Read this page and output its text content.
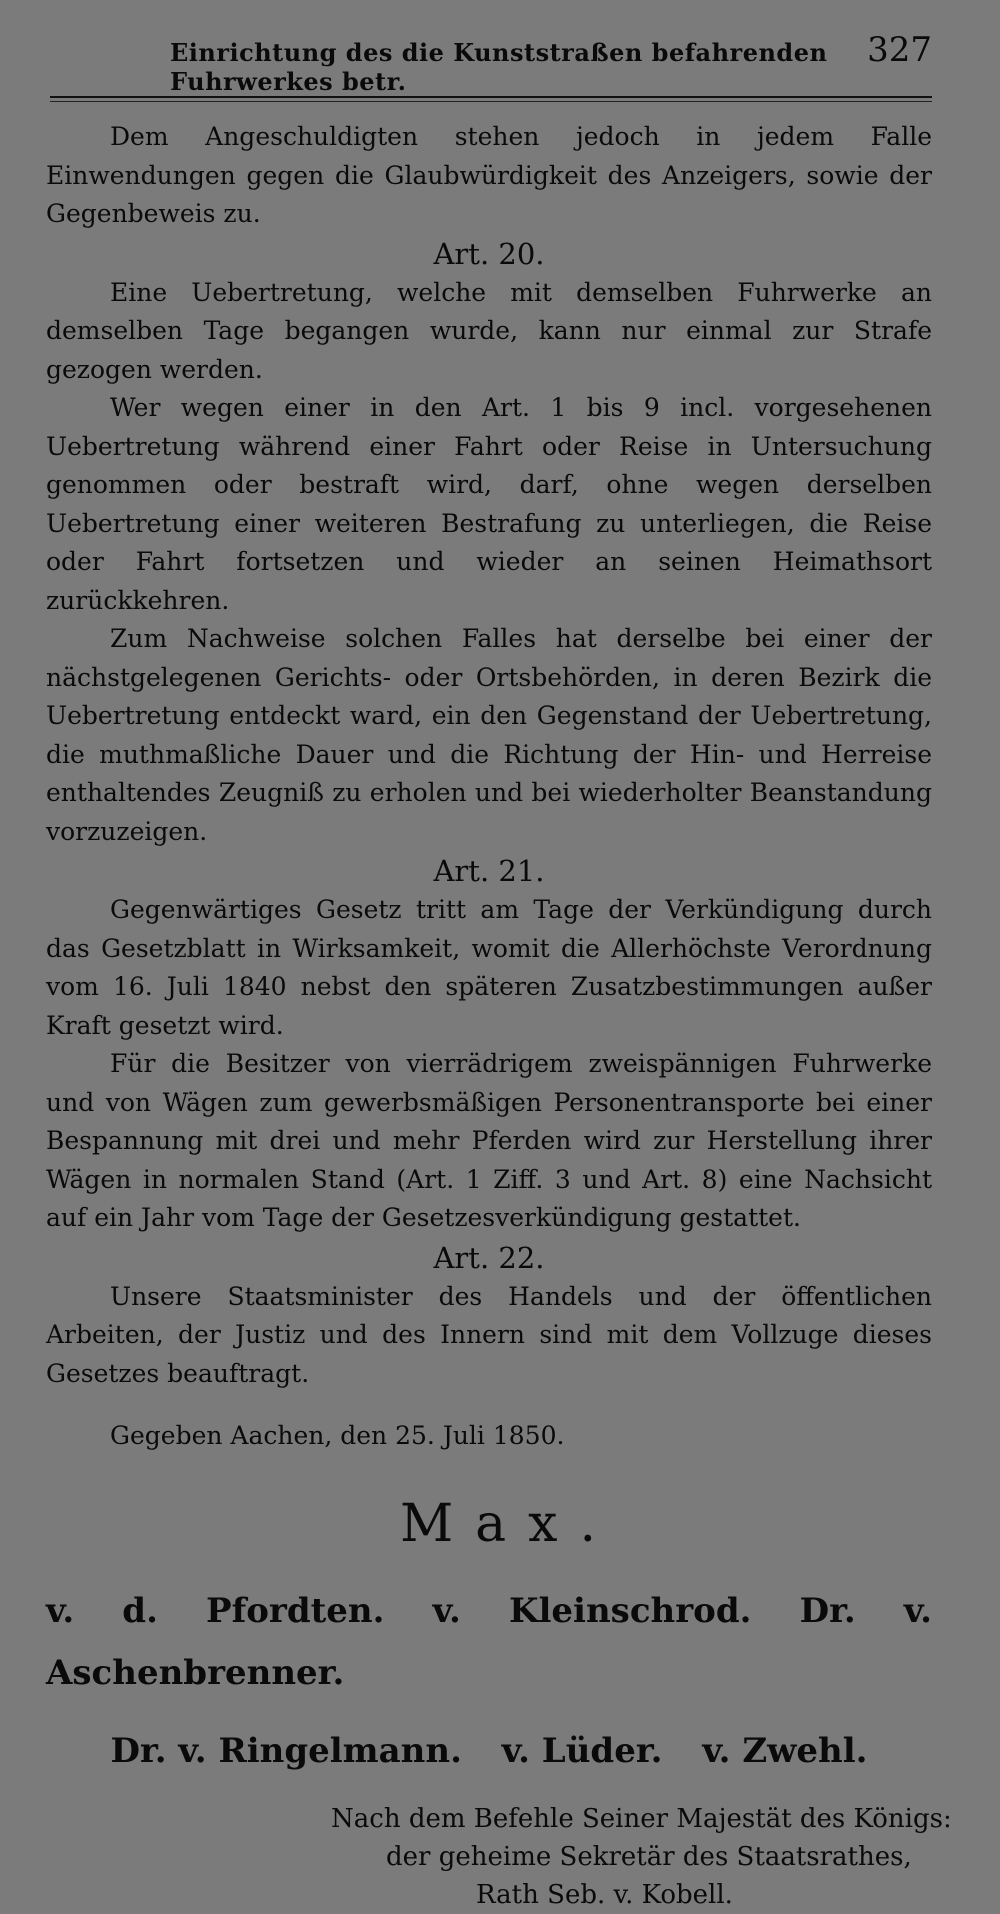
Einrichtung des die Kunststraßen befahrenden Fuhrwerkes betr.
327

Dem Angeschuldigten stehen jedoch in jedem Falle Einwendungen gegen die Glaubwürdigkeit des Anzeigers, sowie der Gegenbeweis zu.

Art. 20.

Eine Uebertretung, welche mit demselben Fuhrwerke an demselben Tage begangen wurde, kann nur einmal zur Strafe gezogen werden.

Wer wegen einer in den Art. 1 bis 9 incl. vorgesehenen Uebertretung während einer Fahrt oder Reise in Untersuchung genommen oder bestraft wird, darf, ohne wegen derselben Uebertretung einer weiteren Bestrafung zu unterliegen, die Reise oder Fahrt fortsetzen und wieder an seinen Heimathsort zurückkehren.

Zum Nachweise solchen Falles hat derselbe bei einer der nächstgelegenen Gerichts- oder Ortsbehörden, in deren Bezirk die Uebertretung entdeckt ward, ein den Gegenstand der Uebertretung, die muthmaßliche Dauer und die Richtung der Hin- und Herreise enthaltendes Zeugniß zu erholen und bei wiederholter Beanstandung vorzuzeigen.

Art. 21.

Gegenwärtiges Gesetz tritt am Tage der Verkündigung durch das Gesetzblatt in Wirksamkeit, womit die Allerhöchste Verordnung vom 16. Juli 1840 nebst den späteren Zusatzbestimmungen außer Kraft gesetzt wird.

Für die Besitzer von vierrädrigem zweispännigen Fuhrwerke und von Wägen zum gewerbsmäßigen Personentransporte bei einer Bespannung mit drei und mehr Pferden wird zur Herstellung ihrer Wägen in normalen Stand (Art. 1 Ziff. 3 und Art. 8) eine Nachsicht auf ein Jahr vom Tage der Gesetzesverkündigung gestattet.

Art. 22.

Unsere Staatsminister des Handels und der öffentlichen Arbeiten, der Justiz und des Innern sind mit dem Vollzuge dieses Gesetzes beauftragt.

Gegeben Aachen, den 25. Juli 1850.
Max.
v. d. Pfordten. v. Kleinschrod. Dr. v. Aschenbrenner.
Dr. v. Ringelmann. v. Lüder. v. Zwehl.
Nach dem Befehle Seiner Majestät des Königs:
der geheime Sekretär des Staatsrathes,
Rath Seb. v. Kobell.
